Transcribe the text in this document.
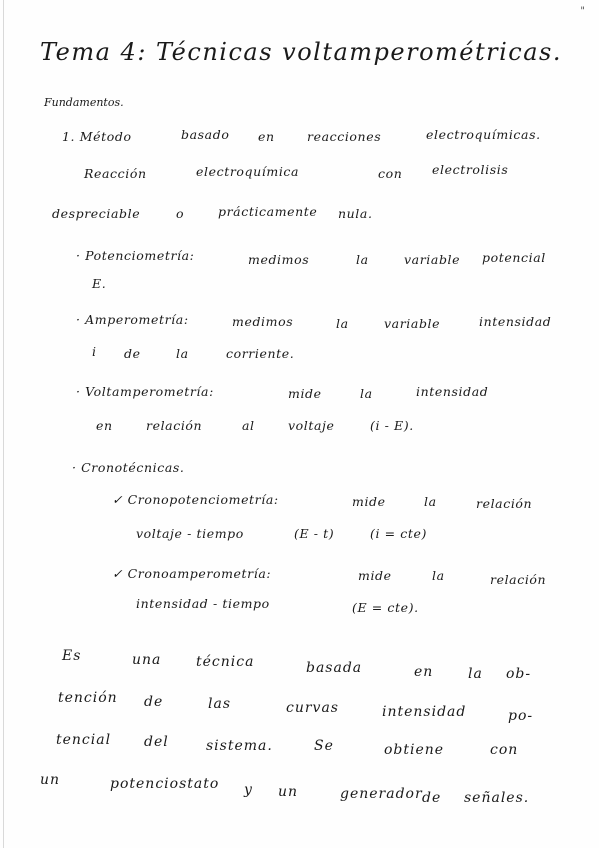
"
Tema 4: Técnicas voltamperométricas.
Fundamentos.
1. Método	basado en	reacciones	electroquímicas.
Reacción	electroquímica	con electrolisis
despreciable	o	prácticamente nula.
· Potenciometría:	medimos	la	variable potencial
E.
· Amperometría:	medimos	la	variable	intensidad
i de	la	corriente.
· Voltamperometría:	mide	la	intensidad
en	relación	al	voltaje	(i - E).
· Cronotécnicas.
✓ Cronopotenciometría:	mide	la	relación
voltaje - tiempo	(E - t)	(i = cte)
✓ Cronoamperometría:	mide	la	relación
intensidad - tiempo	(E = cte).
Es	una técnica	basada	en la ob-
tención de	las	curvas	intensidad	po-
tencial del	sistema.	Se	obtiene	con
un	potenciostato y un	generador de señales.
